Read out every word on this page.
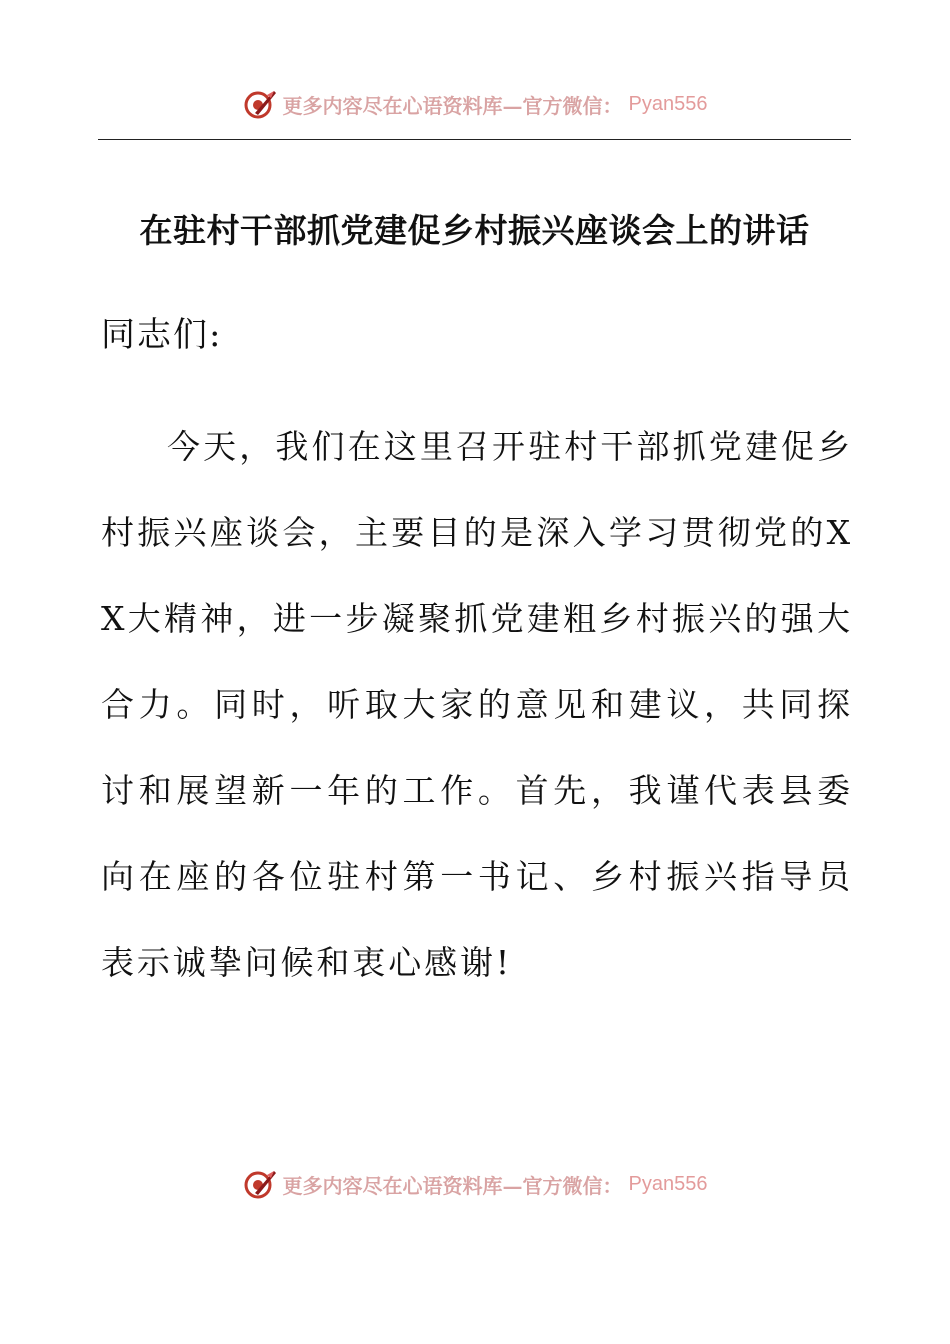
更多内容尽在心语资料库—官方微信： Pyan556
在驻村干部抓党建促乡村振兴座谈会上的讲话

同志们:

今天，我们在这里召开驻村干部抓党建促乡村振兴座谈会，主要目的是深入学习贯彻党的XX大精神，进一步凝聚抓党建粗乡村振兴的强大合力。同时，听取大家的意见和建议，共同探讨和展望新一年的工作。首先，我谨代表县委向在座的各位驻村第一书记、乡村振兴指导员表示诚挚问候和衷心感谢!

更多内容尽在心语资料库—官方微信： Pyan556
